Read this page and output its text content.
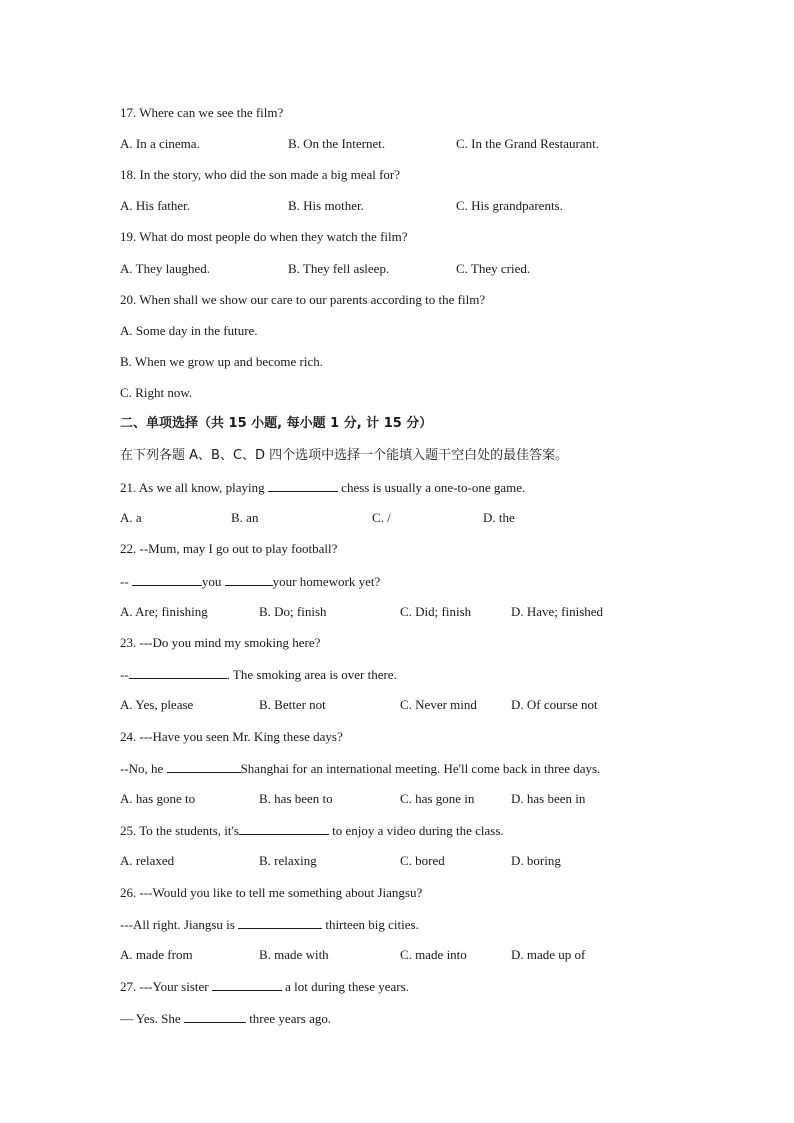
17. Where can we see the film?
A. In a cinema.	B. On the Internet.	C. In the Grand Restaurant.
18. In the story, who did the son made a big meal for?
A. His father.	B. His mother.	C. His grandparents.
19. What do most people do when they watch the film?
A. They laughed.	B. They fell asleep.	C. They cried.
20. When shall we show our care to our parents according to the film?
A. Some day in the future.
B. When we grow up and become rich.
C. Right now.
二、单项选择（共 15 小题, 每小题 1 分, 计 15 分）
在下列各题 A、B、C、D 四个选项中选择一个能填入题干空白处的最佳答案。
21. As we all know, playing	chess is usually a one-to-one game.
A. a	B. an	C. /	D. the
22. --Mum, may I go out to play football?
--	you	your homework yet?
A. Are; finishing	B. Do; finish	C. Did; finish	D. Have; finished
23. ---Do you mind my smoking here?
--	. The smoking area is over there.
A. Yes, please	B. Better not	C. Never mind	D. Of course not
24. ---Have you seen Mr. King these days?
--No, he	Shanghai for an international meeting. He'll come back in three days.
A. has gone to	B. has been to	C. has gone in	D. has been in
25. To the students, it's	to enjoy a video during the class.
A. relaxed	B. relaxing	C. bored	D. boring
26. ---Would you like to tell me something about Jiangsu?
---All right. Jiangsu is	thirteen big cities.
A. made from	B. made with	C. made into	D. made up of
27. ---Your sister	a lot during these years.
— Yes. She	three years ago.
